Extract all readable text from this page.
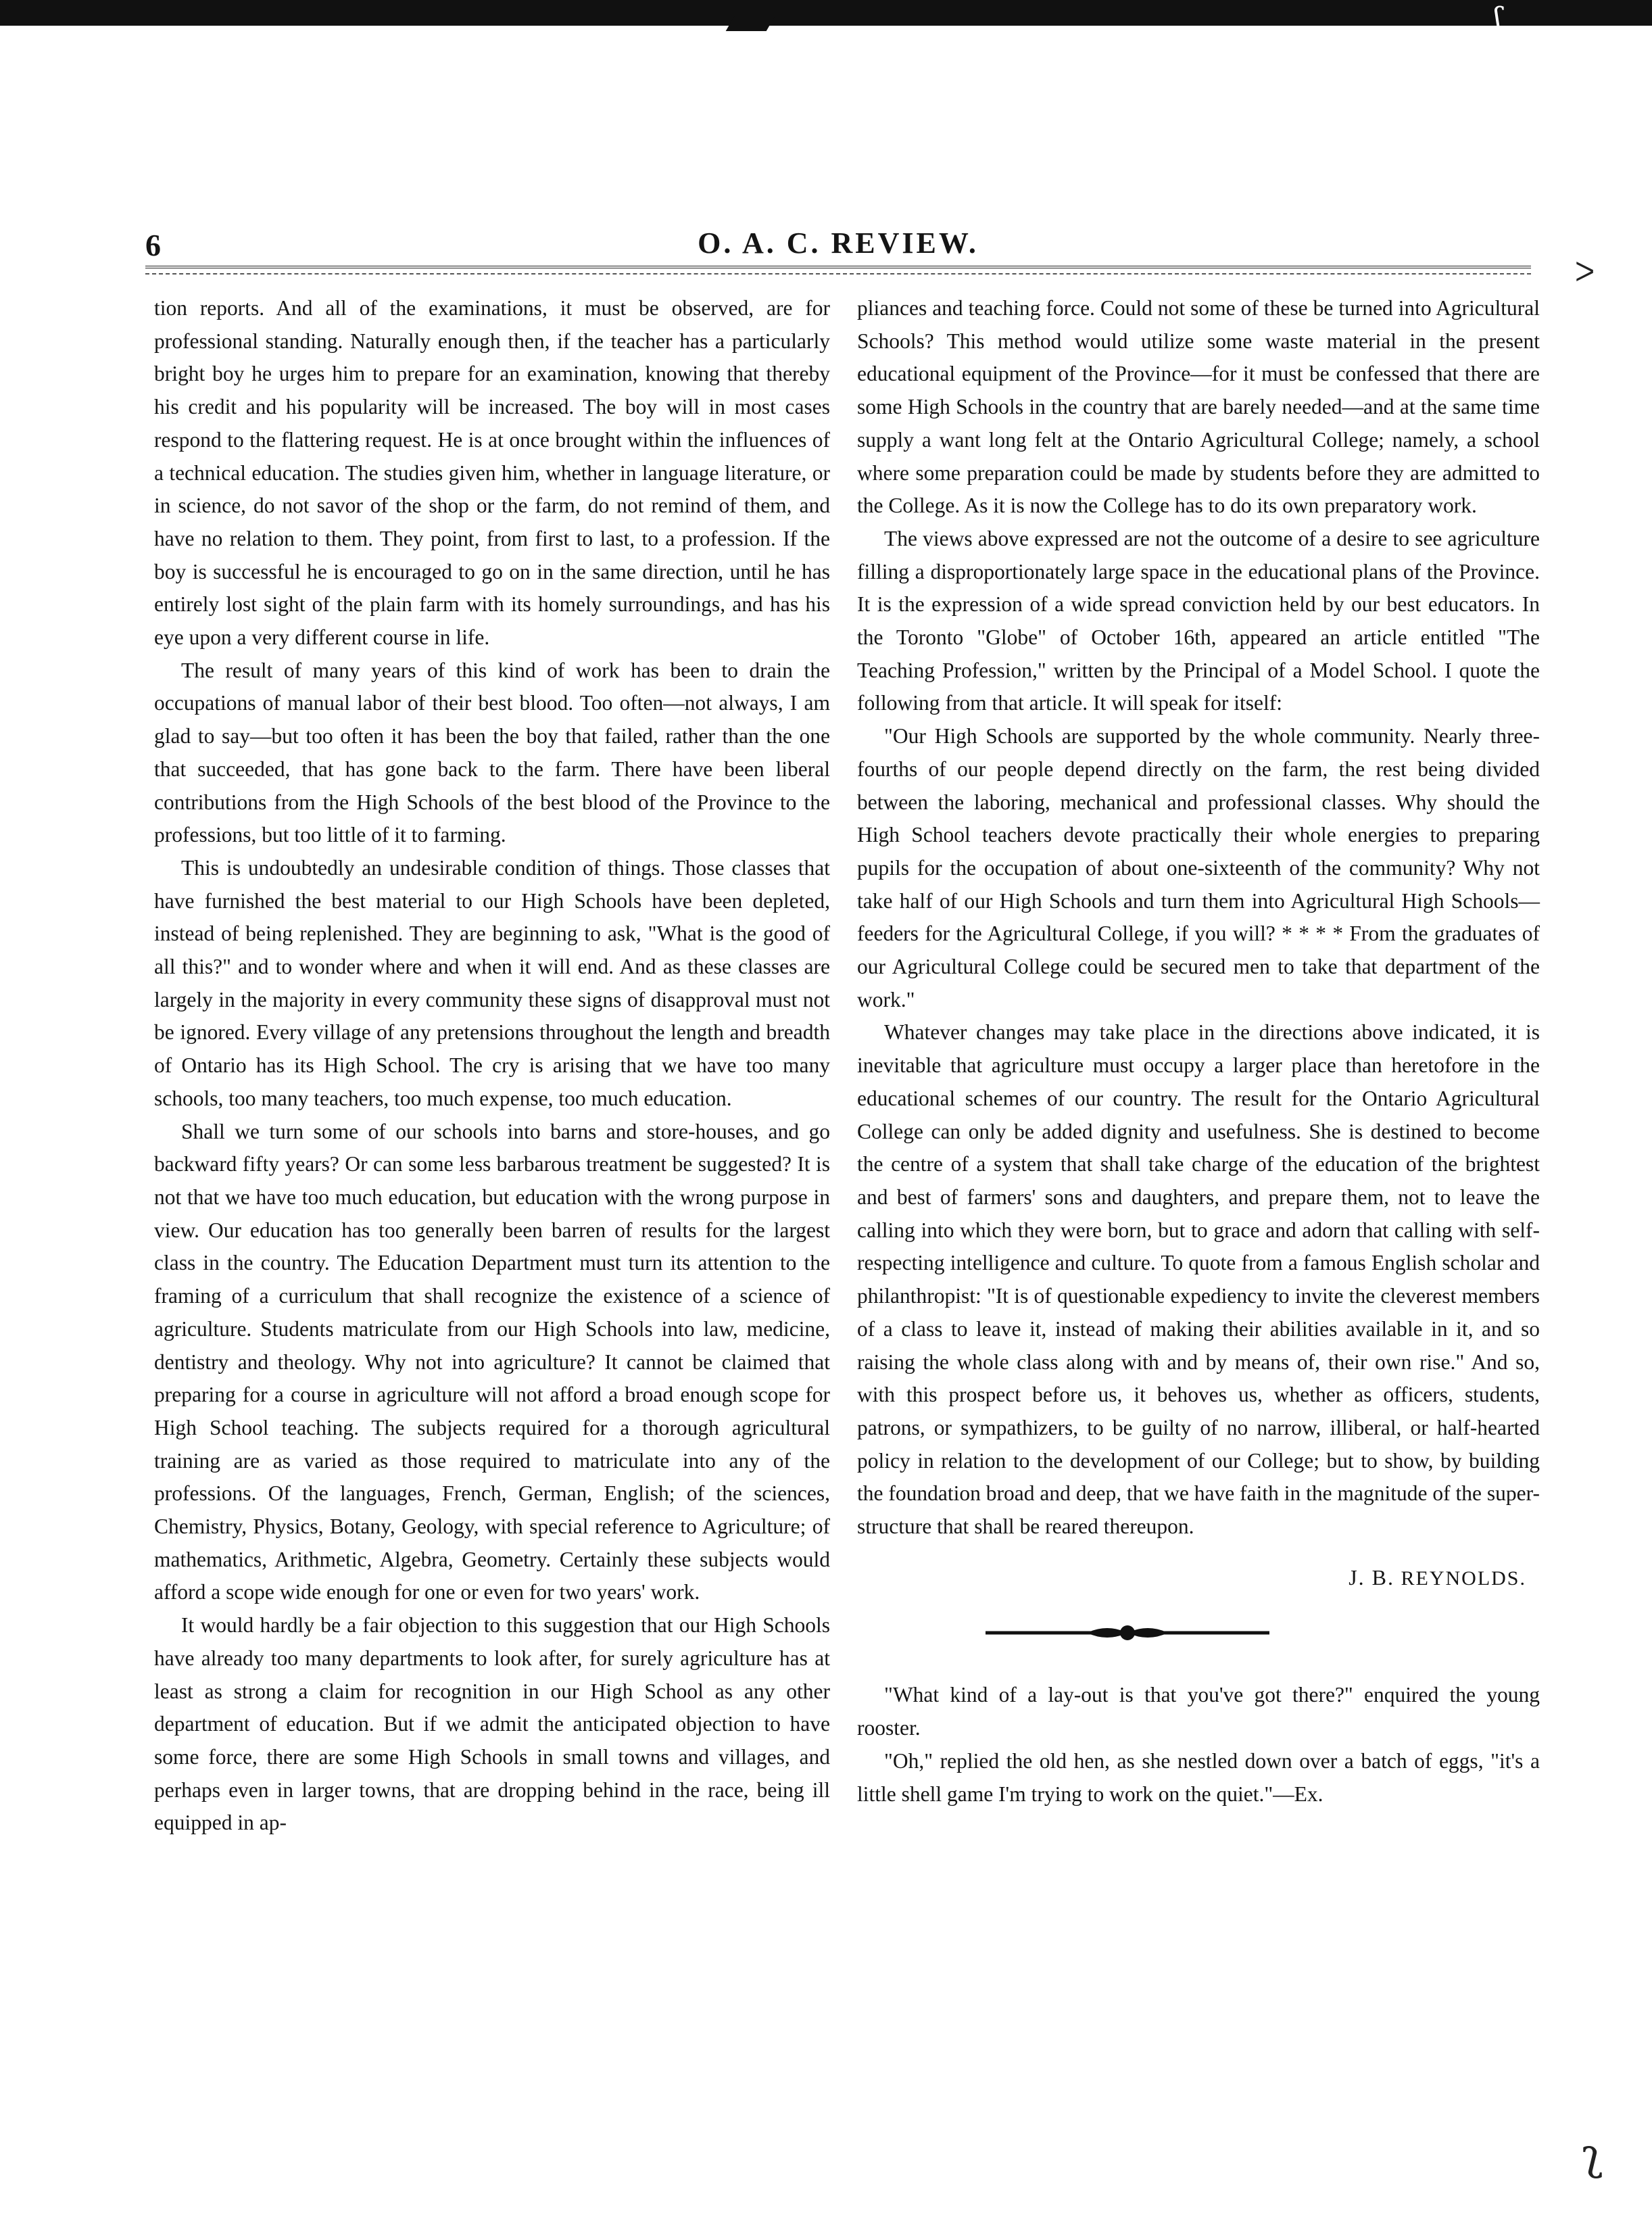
ʃ
6	O. A. C. REVIEW.
ᐳ

tion reports. And all of the examinations, it must be observed, are for professional standing. Naturally enough then, if the teacher has a particularly bright boy he urges him to prepare for an examination, knowing that thereby his credit and his popularity will be increased. The boy will in most cases respond to the flattering request. He is at once brought within the influences of a technical education. The studies given him, whether in language literature, or in science, do not savor of the shop or the farm, do not remind of them, and have no relation to them. They point, from first to last, to a profession. If the boy is successful he is encouraged to go on in the same direction, until he has entirely lost sight of the plain farm with its homely surroundings, and has his eye upon a very different course in life.

The result of many years of this kind of work has been to drain the occupations of manual labor of their best blood. Too often—not always, I am glad to say—but too often it has been the boy that failed, rather than the one that succeeded, that has gone back to the farm. There have been liberal contributions from the High Schools of the best blood of the Province to the professions, but too little of it to farming.

This is undoubtedly an undesirable condition of things. Those classes that have furnished the best material to our High Schools have been depleted, instead of being replenished. They are beginning to ask, "What is the good of all this?" and to wonder where and when it will end. And as these classes are largely in the majority in every community these signs of disapproval must not be ignored. Every village of any pretensions throughout the length and breadth of Ontario has its High School. The cry is arising that we have too many schools, too many teachers, too much expense, too much education.

Shall we turn some of our schools into barns and store-houses, and go backward fifty years? Or can some less barbarous treatment be suggested? It is not that we have too much education, but education with the wrong purpose in view. Our education has too generally been barren of results for the largest class in the country. The Education Department must turn its attention to the framing of a curriculum that shall recognize the existence of a science of agriculture. Students matriculate from our High Schools into law, medicine, dentistry and theology. Why not into agriculture? It cannot be claimed that preparing for a course in agriculture will not afford a broad enough scope for High School teaching. The subjects required for a thorough agricultural training are as varied as those required to matriculate into any of the professions. Of the languages, French, German, English; of the sciences, Chemistry, Physics, Botany, Geology, with special reference to Agriculture; of mathematics, Arithmetic, Algebra, Geometry. Certainly these subjects would afford a scope wide enough for one or even for two years' work.

It would hardly be a fair objection to this suggestion that our High Schools have already too many departments to look after, for surely agriculture has at least as strong a claim for recognition in our High School as any other department of education. But if we admit the anticipated objection to have some force, there are some High Schools in small towns and villages, and perhaps even in larger towns, that are dropping behind in the race, being ill equipped in ap-

pliances and teaching force. Could not some of these be turned into Agricultural Schools? This method would utilize some waste material in the present educational equipment of the Province—for it must be confessed that there are some High Schools in the country that are barely needed—and at the same time supply a want long felt at the Ontario Agricultural College; namely, a school where some preparation could be made by students before they are admitted to the College. As it is now the College has to do its own preparatory work.

The views above expressed are not the outcome of a desire to see agriculture filling a disproportionately large space in the educational plans of the Province. It is the expression of a wide spread conviction held by our best educators. In the Toronto "Globe" of October 16th, appeared an article entitled "The Teaching Profession," written by the Principal of a Model School. I quote the following from that article. It will speak for itself:

"Our High Schools are supported by the whole community. Nearly three-fourths of our people depend directly on the farm, the rest being divided between the laboring, mechanical and professional classes. Why should the High School teachers devote practically their whole energies to preparing pupils for the occupation of about one-sixteenth of the community? Why not take half of our High Schools and turn them into Agricultural High Schools—feeders for the Agricultural College, if you will? * * * * From the graduates of our Agricultural College could be secured men to take that department of the work."

Whatever changes may take place in the directions above indicated, it is inevitable that agriculture must occupy a larger place than heretofore in the educational schemes of our country. The result for the Ontario Agricultural College can only be added dignity and usefulness. She is destined to become the centre of a system that shall take charge of the education of the brightest and best of farmers' sons and daughters, and prepare them, not to leave the calling into which they were born, but to grace and adorn that calling with self-respecting intelligence and culture. To quote from a famous English scholar and philanthropist: "It is of questionable expediency to invite the cleverest members of a class to leave it, instead of making their abilities available in it, and so raising the whole class along with and by means of, their own rise." And so, with this prospect before us, it behoves us, whether as officers, students, patrons, or sympathizers, to be guilty of no narrow, illiberal, or half-hearted policy in relation to the development of our College; but to show, by building the foundation broad and deep, that we have faith in the magnitude of the super-structure that shall be reared thereupon.

J. B. REYNOLDS.

"What kind of a lay-out is that you've got there?" enquired the young rooster.

"Oh," replied the old hen, as she nestled down over a batch of eggs, "it's a little shell game I'm trying to work on the quiet."—Ex.

ʅ
